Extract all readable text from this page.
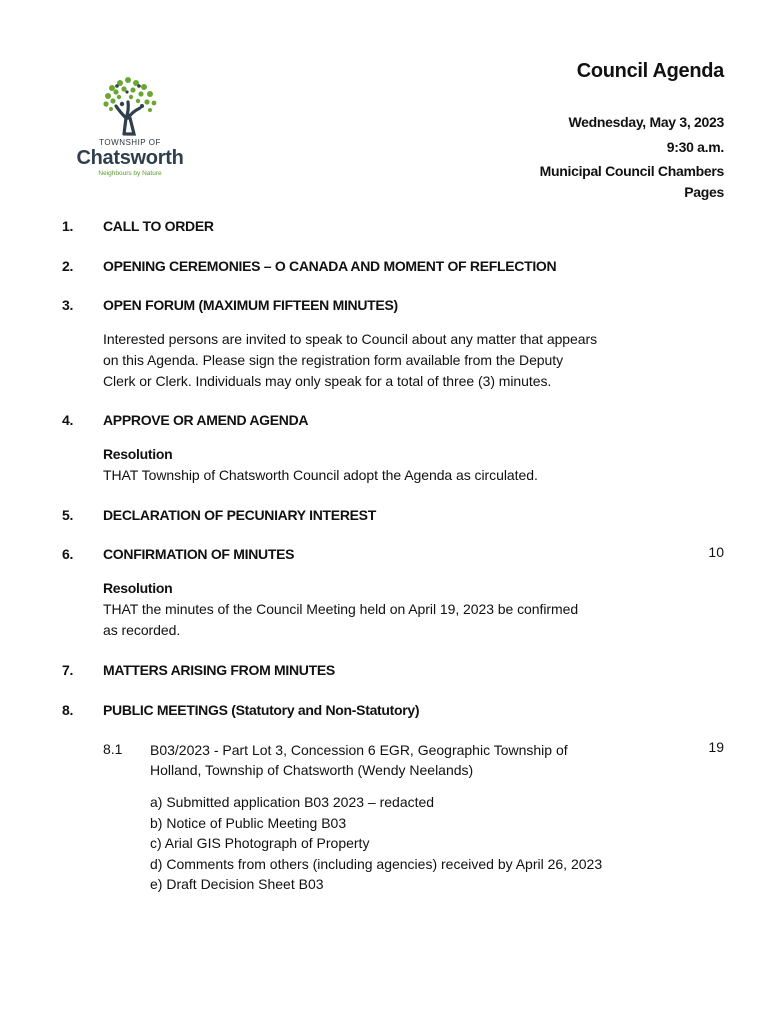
TOWNSHIP OF
Chatsworth
Neighbours by Nature
Council Agenda
Wednesday, May 3, 2023
9:30 a.m.
Municipal Council Chambers
Pages
1. CALL TO ORDER
2. OPENING CEREMONIES – O CANADA AND MOMENT OF REFLECTION
3. OPEN FORUM (MAXIMUM FIFTEEN MINUTES)
Interested persons are invited to speak to Council about any matter that appears
on this Agenda. Please sign the registration form available from the Deputy
Clerk or Clerk. Individuals may only speak for a total of three (3) minutes.
4. APPROVE OR AMEND AGENDA
Resolution
THAT Township of Chatsworth Council adopt the Agenda as circulated.
5. DECLARATION OF PECUNIARY INTEREST
6. CONFIRMATION OF MINUTES	10
Resolution
THAT the minutes of the Council Meeting held on April 19, 2023 be confirmed
as recorded.
7. MATTERS ARISING FROM MINUTES
8. PUBLIC MEETINGS (Statutory and Non-Statutory)
8.1	19
B03/2023 - Part Lot 3, Concession 6 EGR, Geographic Township of
Holland, Township of Chatsworth (Wendy Neelands)
a) Submitted application B03 2023 – redacted
b) Notice of Public Meeting B03
c) Arial GIS Photograph of Property
d) Comments from others (including agencies) received by April 26, 2023
e) Draft Decision Sheet B03
